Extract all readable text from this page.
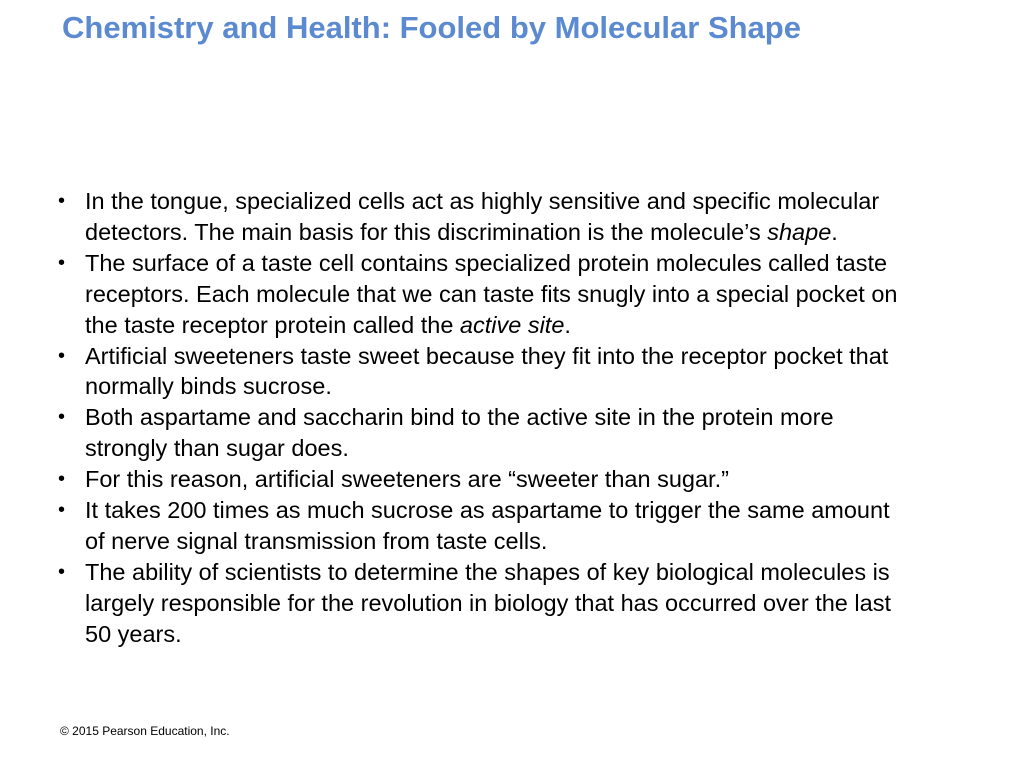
Chemistry and Health: Fooled by Molecular Shape
• In the tongue, specialized cells act as highly sensitive and specific molecular
detectors. The main basis for this discrimination is the molecule’s shape.
• The surface of a taste cell contains specialized protein molecules called taste
receptors. Each molecule that we can taste fits snugly into a special pocket on
the taste receptor protein called the active site.
• Artificial sweeteners taste sweet because they fit into the receptor pocket that
normally binds sucrose.
• Both aspartame and saccharin bind to the active site in the protein more
strongly than sugar does.
• For this reason, artificial sweeteners are “sweeter than sugar.”
• It takes 200 times as much sucrose as aspartame to trigger the same amount
of nerve signal transmission from taste cells.
• The ability of scientists to determine the shapes of key biological molecules is
largely responsible for the revolution in biology that has occurred over the last
50 years.
© 2015 Pearson Education, Inc.
